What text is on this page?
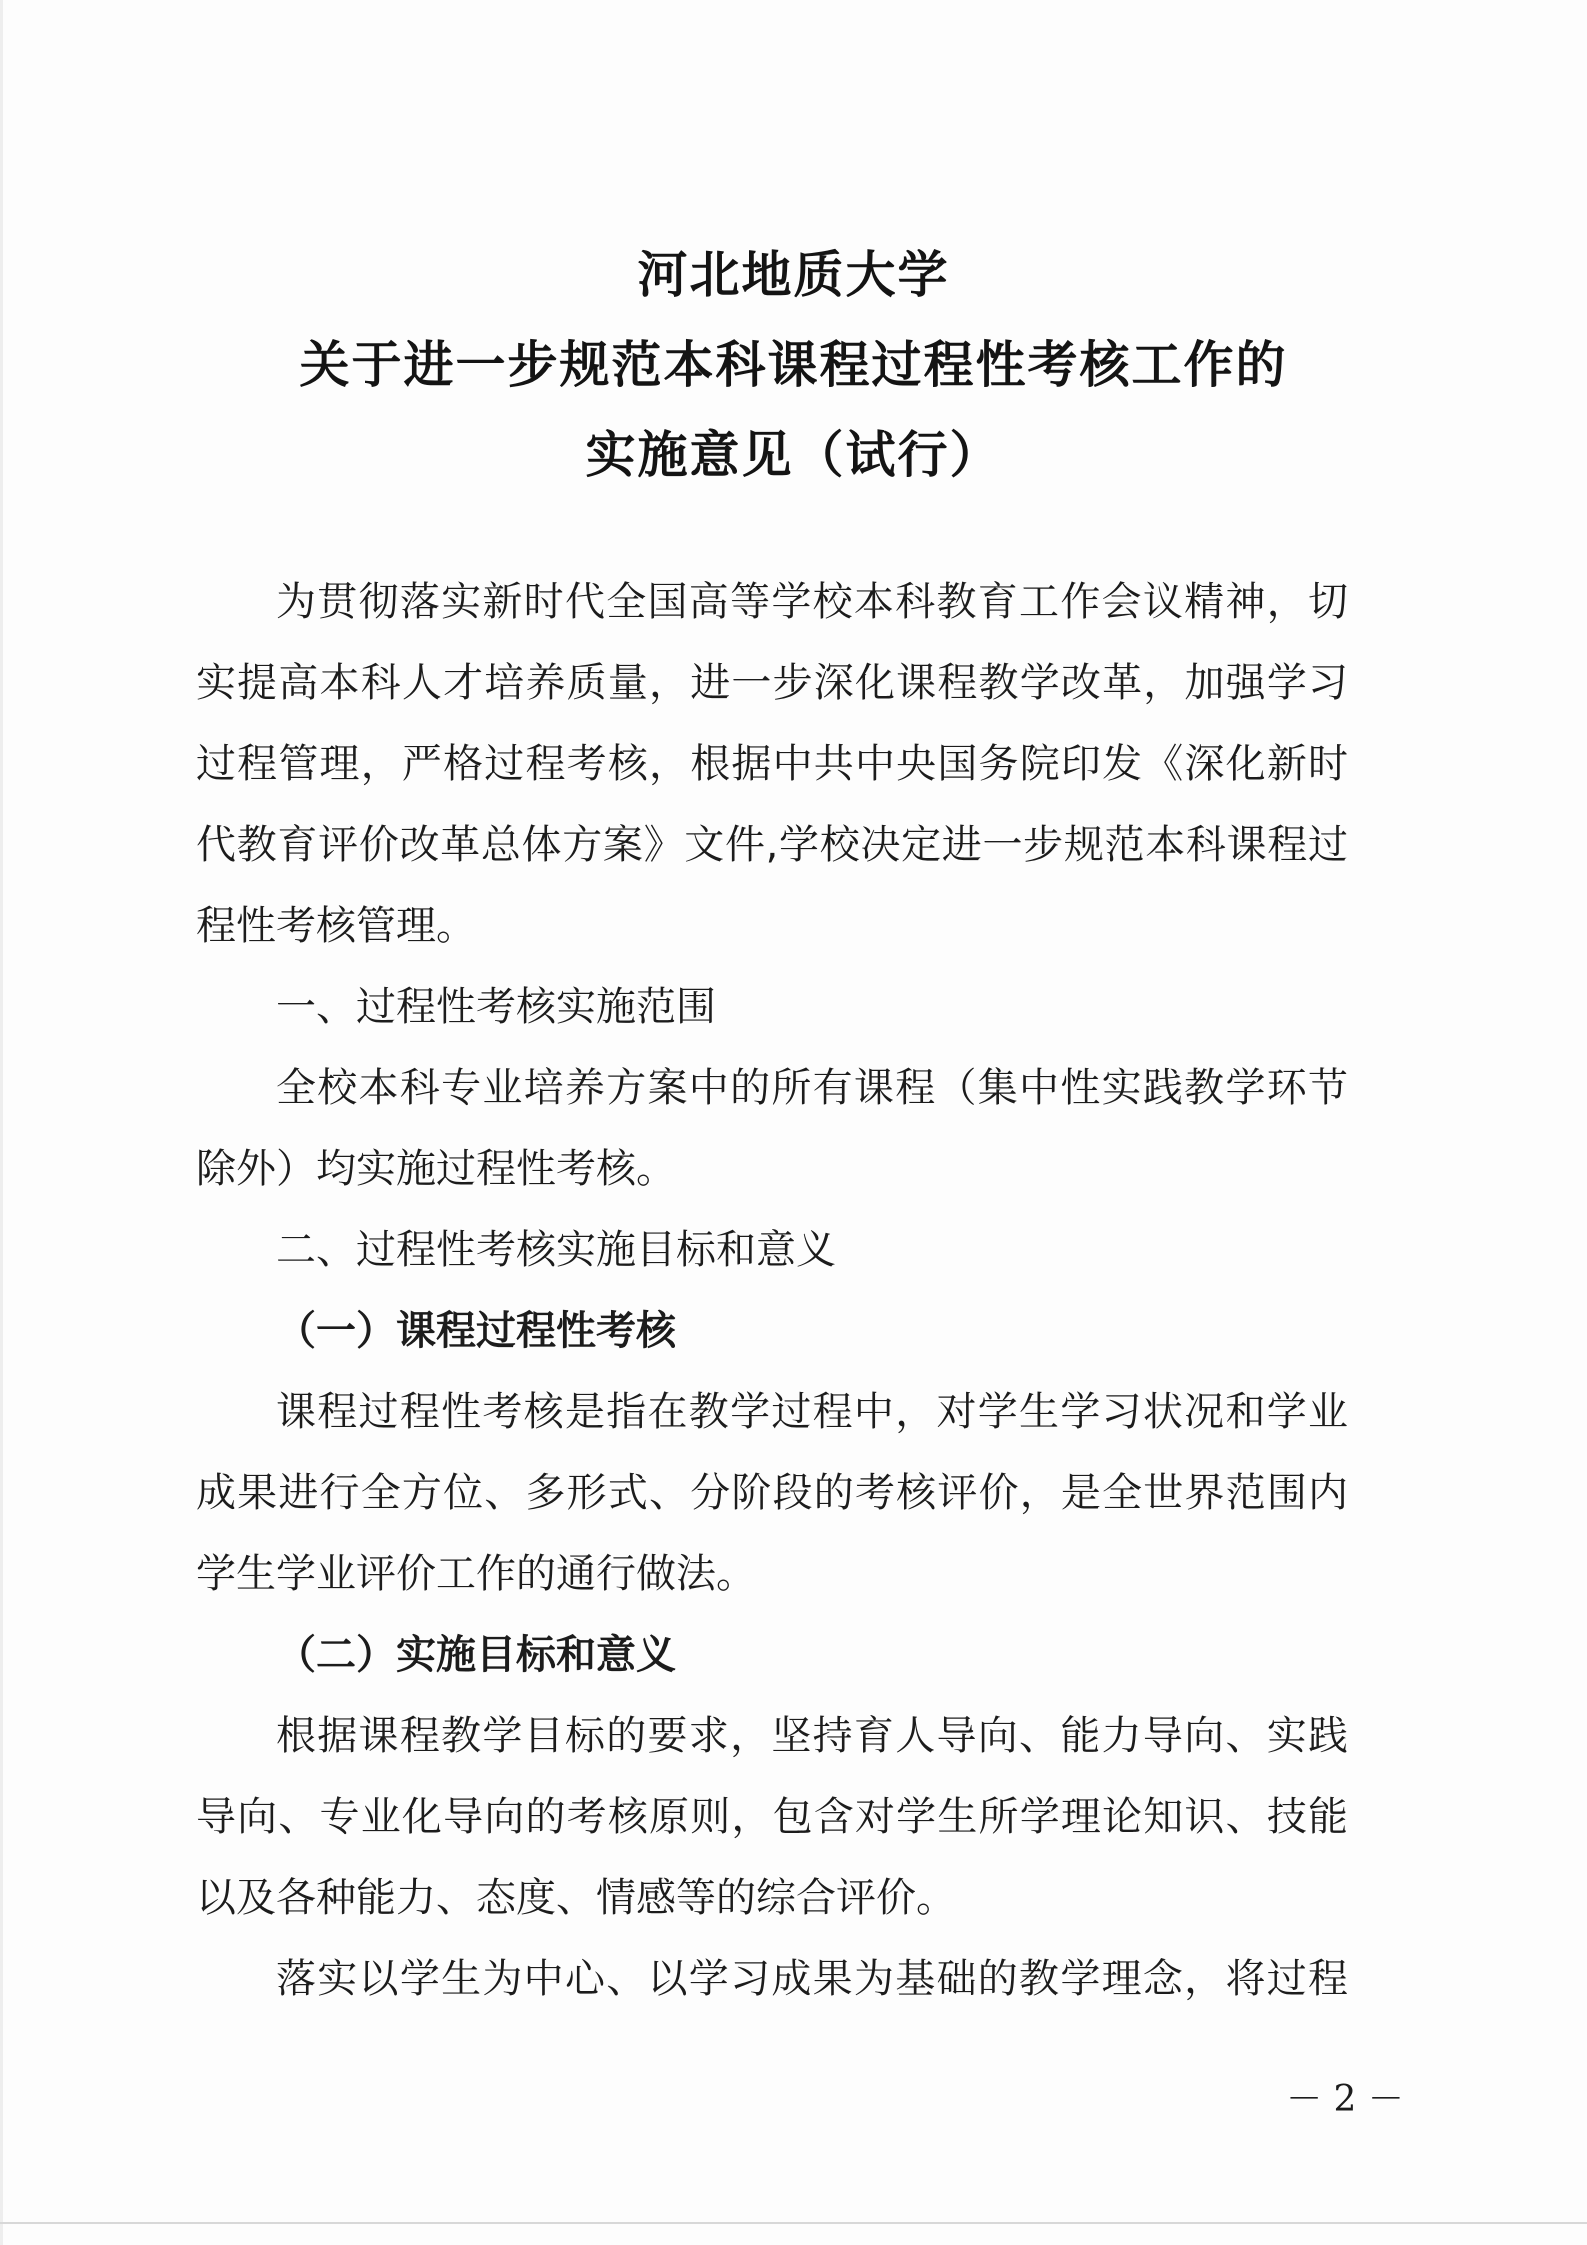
河北地质大学
关于进一步规范本科课程过程性考核工作的
实施意见（试行）
为贯彻落实新时代全国高等学校本科教育工作会议精神，切
实提高本科人才培养质量，进一步深化课程教学改革，加强学习
过程管理，严格过程考核，根据中共中央国务院印发《深化新时
代教育评价改革总体方案》文件,学校决定进一步规范本科课程过
程性考核管理。
一、过程性考核实施范围
全校本科专业培养方案中的所有课程（集中性实践教学环节
除外）均实施过程性考核。
二、过程性考核实施目标和意义
（一）课程过程性考核
课程过程性考核是指在教学过程中，对学生学习状况和学业
成果进行全方位、多形式、分阶段的考核评价，是全世界范围内
学生学业评价工作的通行做法。
（二）实施目标和意义
根据课程教学目标的要求，坚持育人导向、能力导向、实践
导向、专业化导向的考核原则，包含对学生所学理论知识、技能
以及各种能力、态度、情感等的综合评价。
落实以学生为中心、以学习成果为基础的教学理念，将过程
－ 2 －
